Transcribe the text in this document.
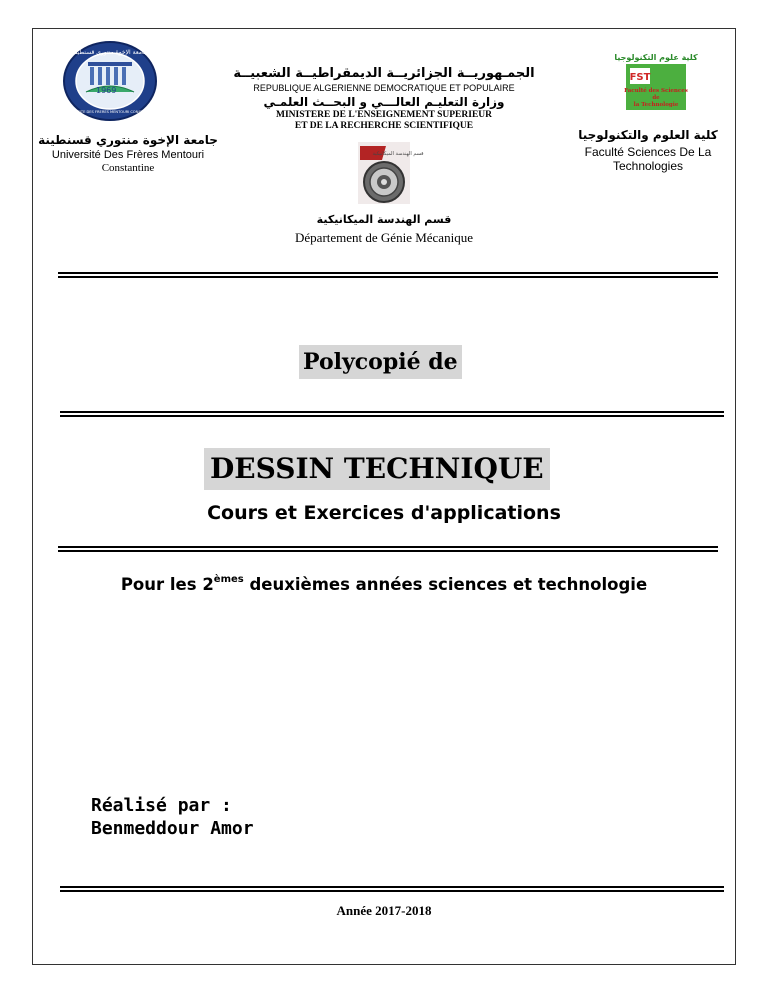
1969
جامعة الإخوة منتوري قسنطينة
UNIVERSITE DES FRERES MENTOURI CONSTANTINE
كلية علوم التكنولوجيا
FST
Faculté des Sciences
de
la Technologie
قسم الهندسة الميكانيكية
الجمـهوريــة الجزائريــة الديمقراطيــة الشعبيــة
REPUBLIQUE ALGERIENNE DEMOCRATIQUE ET POPULAIRE
وزارة التعليـم العالـــي و البحــث العلمـي
MINISTERE DE L'ENSEIGNEMENT SUPERIEUR
ET DE LA RECHERCHE SCIENTIFIQUE
جامعة الإخوة منتوري قسنطينة
Université Des Frères Mentouri
Constantine
كلية العلوم والتكنولوجيا
Faculté Sciences De La
Technologies
قسم الهندسة الميكانيكية
Département de Génie Mécanique
Polycopié de
DESSIN TECHNIQUE
Cours et Exercices d'applications
Pour les 2èmes deuxièmes années sciences et technologie
Réalisé par :
Benmeddour Amor
Année 2017-2018
